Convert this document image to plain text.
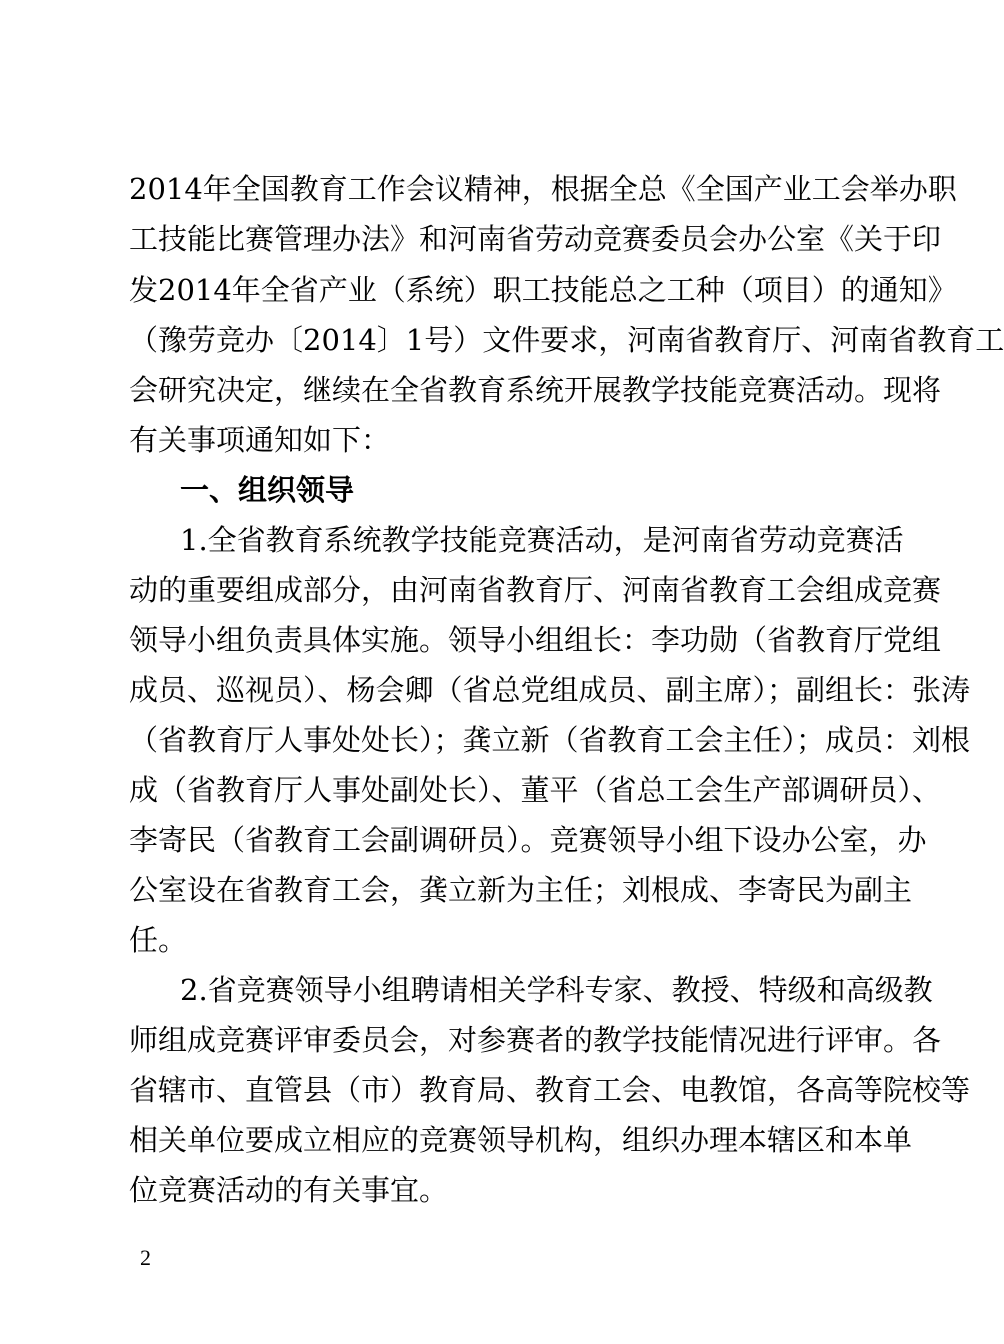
2014年全国教育工作会议精神，根据全总《全国产业工会举办职
工技能比赛管理办法》和河南省劳动竞赛委员会办公室《关于印
发2014年全省产业（系统）职工技能总之工种（项目）的通知》
（豫劳竞办〔2014〕1号）文件要求，河南省教育厅、河南省教育工
会研究决定，继续在全省教育系统开展教学技能竞赛活动。现将
有关事项通知如下：
一、组织领导
1.全省教育系统教学技能竞赛活动，是河南省劳动竞赛活
动的重要组成部分，由河南省教育厅、河南省教育工会组成竞赛
领导小组负责具体实施。领导小组组长：李功勋（省教育厅党组
成员、巡视员）、杨会卿（省总党组成员、副主席）；副组长：张涛
（省教育厅人事处处长）；龚立新（省教育工会主任）；成员：刘根
成（省教育厅人事处副处长）、董平（省总工会生产部调研员）、
李寄民（省教育工会副调研员）。竞赛领导小组下设办公室，办
公室设在省教育工会，龚立新为主任；刘根成、李寄民为副主
任。
2.省竞赛领导小组聘请相关学科专家、教授、特级和高级教
师组成竞赛评审委员会，对参赛者的教学技能情况进行评审。各
省辖市、直管县（市）教育局、教育工会、电教馆，各高等院校等
相关单位要成立相应的竞赛领导机构，组织办理本辖区和本单
位竞赛活动的有关事宜。
2
